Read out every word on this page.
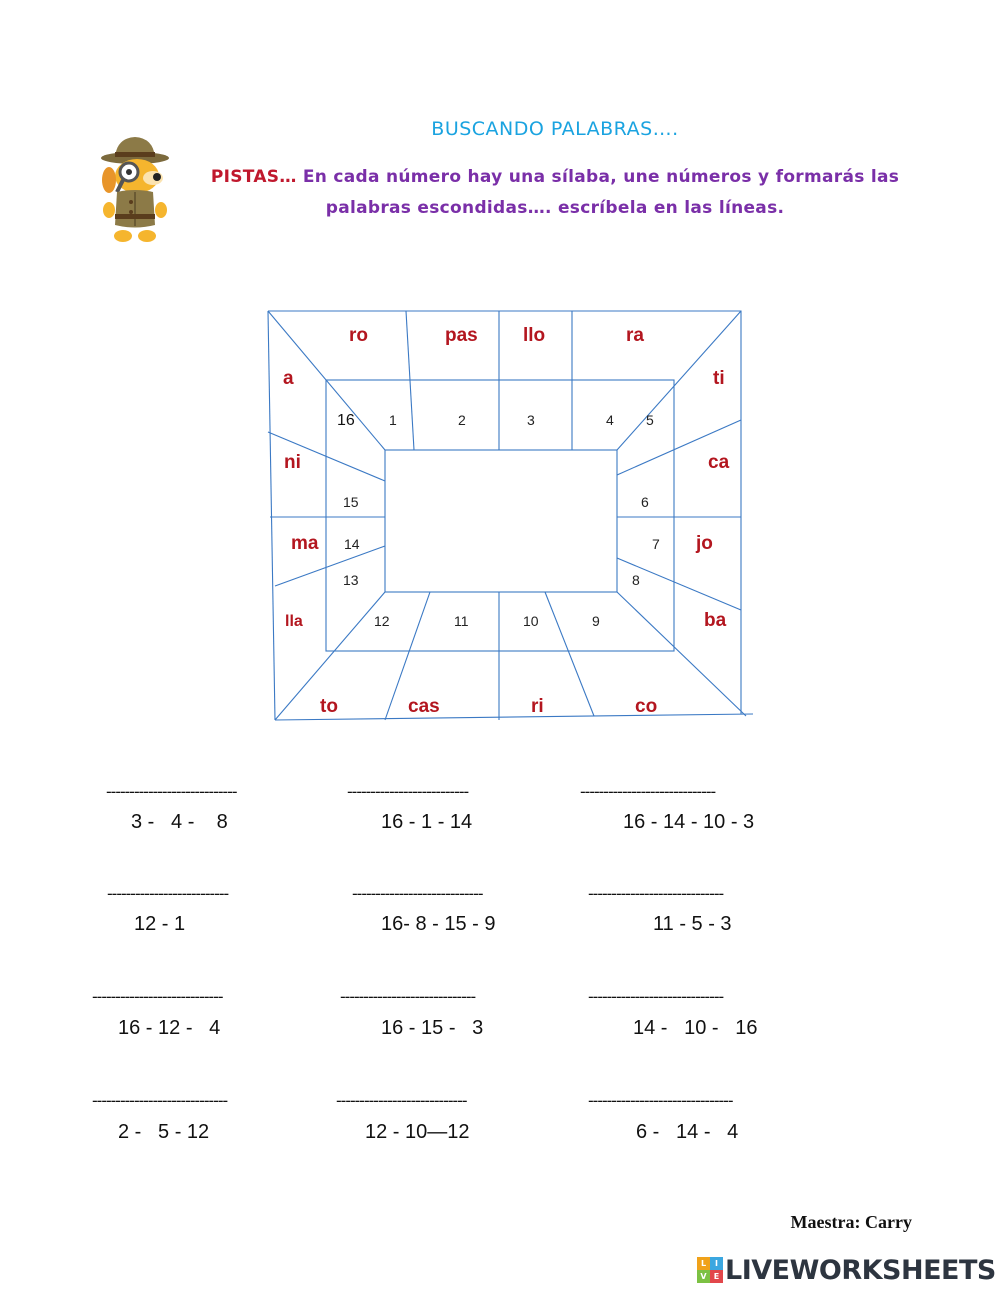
BUSCANDO PALABRAS….
PISTAS… En cada número hay una sílaba, une números y formarás las
palabras escondidas…. escríbela en las líneas.
ro	pas llo	ra
a	ti
ni	ca
ma	jo
lla	ba
to	cas	ri	co
16 1	2	3	4 5
15	6
14	7
13	8
12	11	10	9
----------------------------
3 -   4 -    8
--------------------------
16 - 1 - 14
-----------------------------
16 - 14 - 10 - 3
--------------------------
12 - 1
----------------------------
16- 8 - 15 - 9
-----------------------------
11 - 5 - 3
----------------------------
16 - 12 -   4
-----------------------------
16 - 15 -   3
-----------------------------
14 -   10 -   16
-----------------------------
2 -   5 - 12
----------------------------
12 - 10—12
-------------------------------
6 -   14 -   4
Maestra: Carry
L	I
V E LIVEWORKSHEETS
